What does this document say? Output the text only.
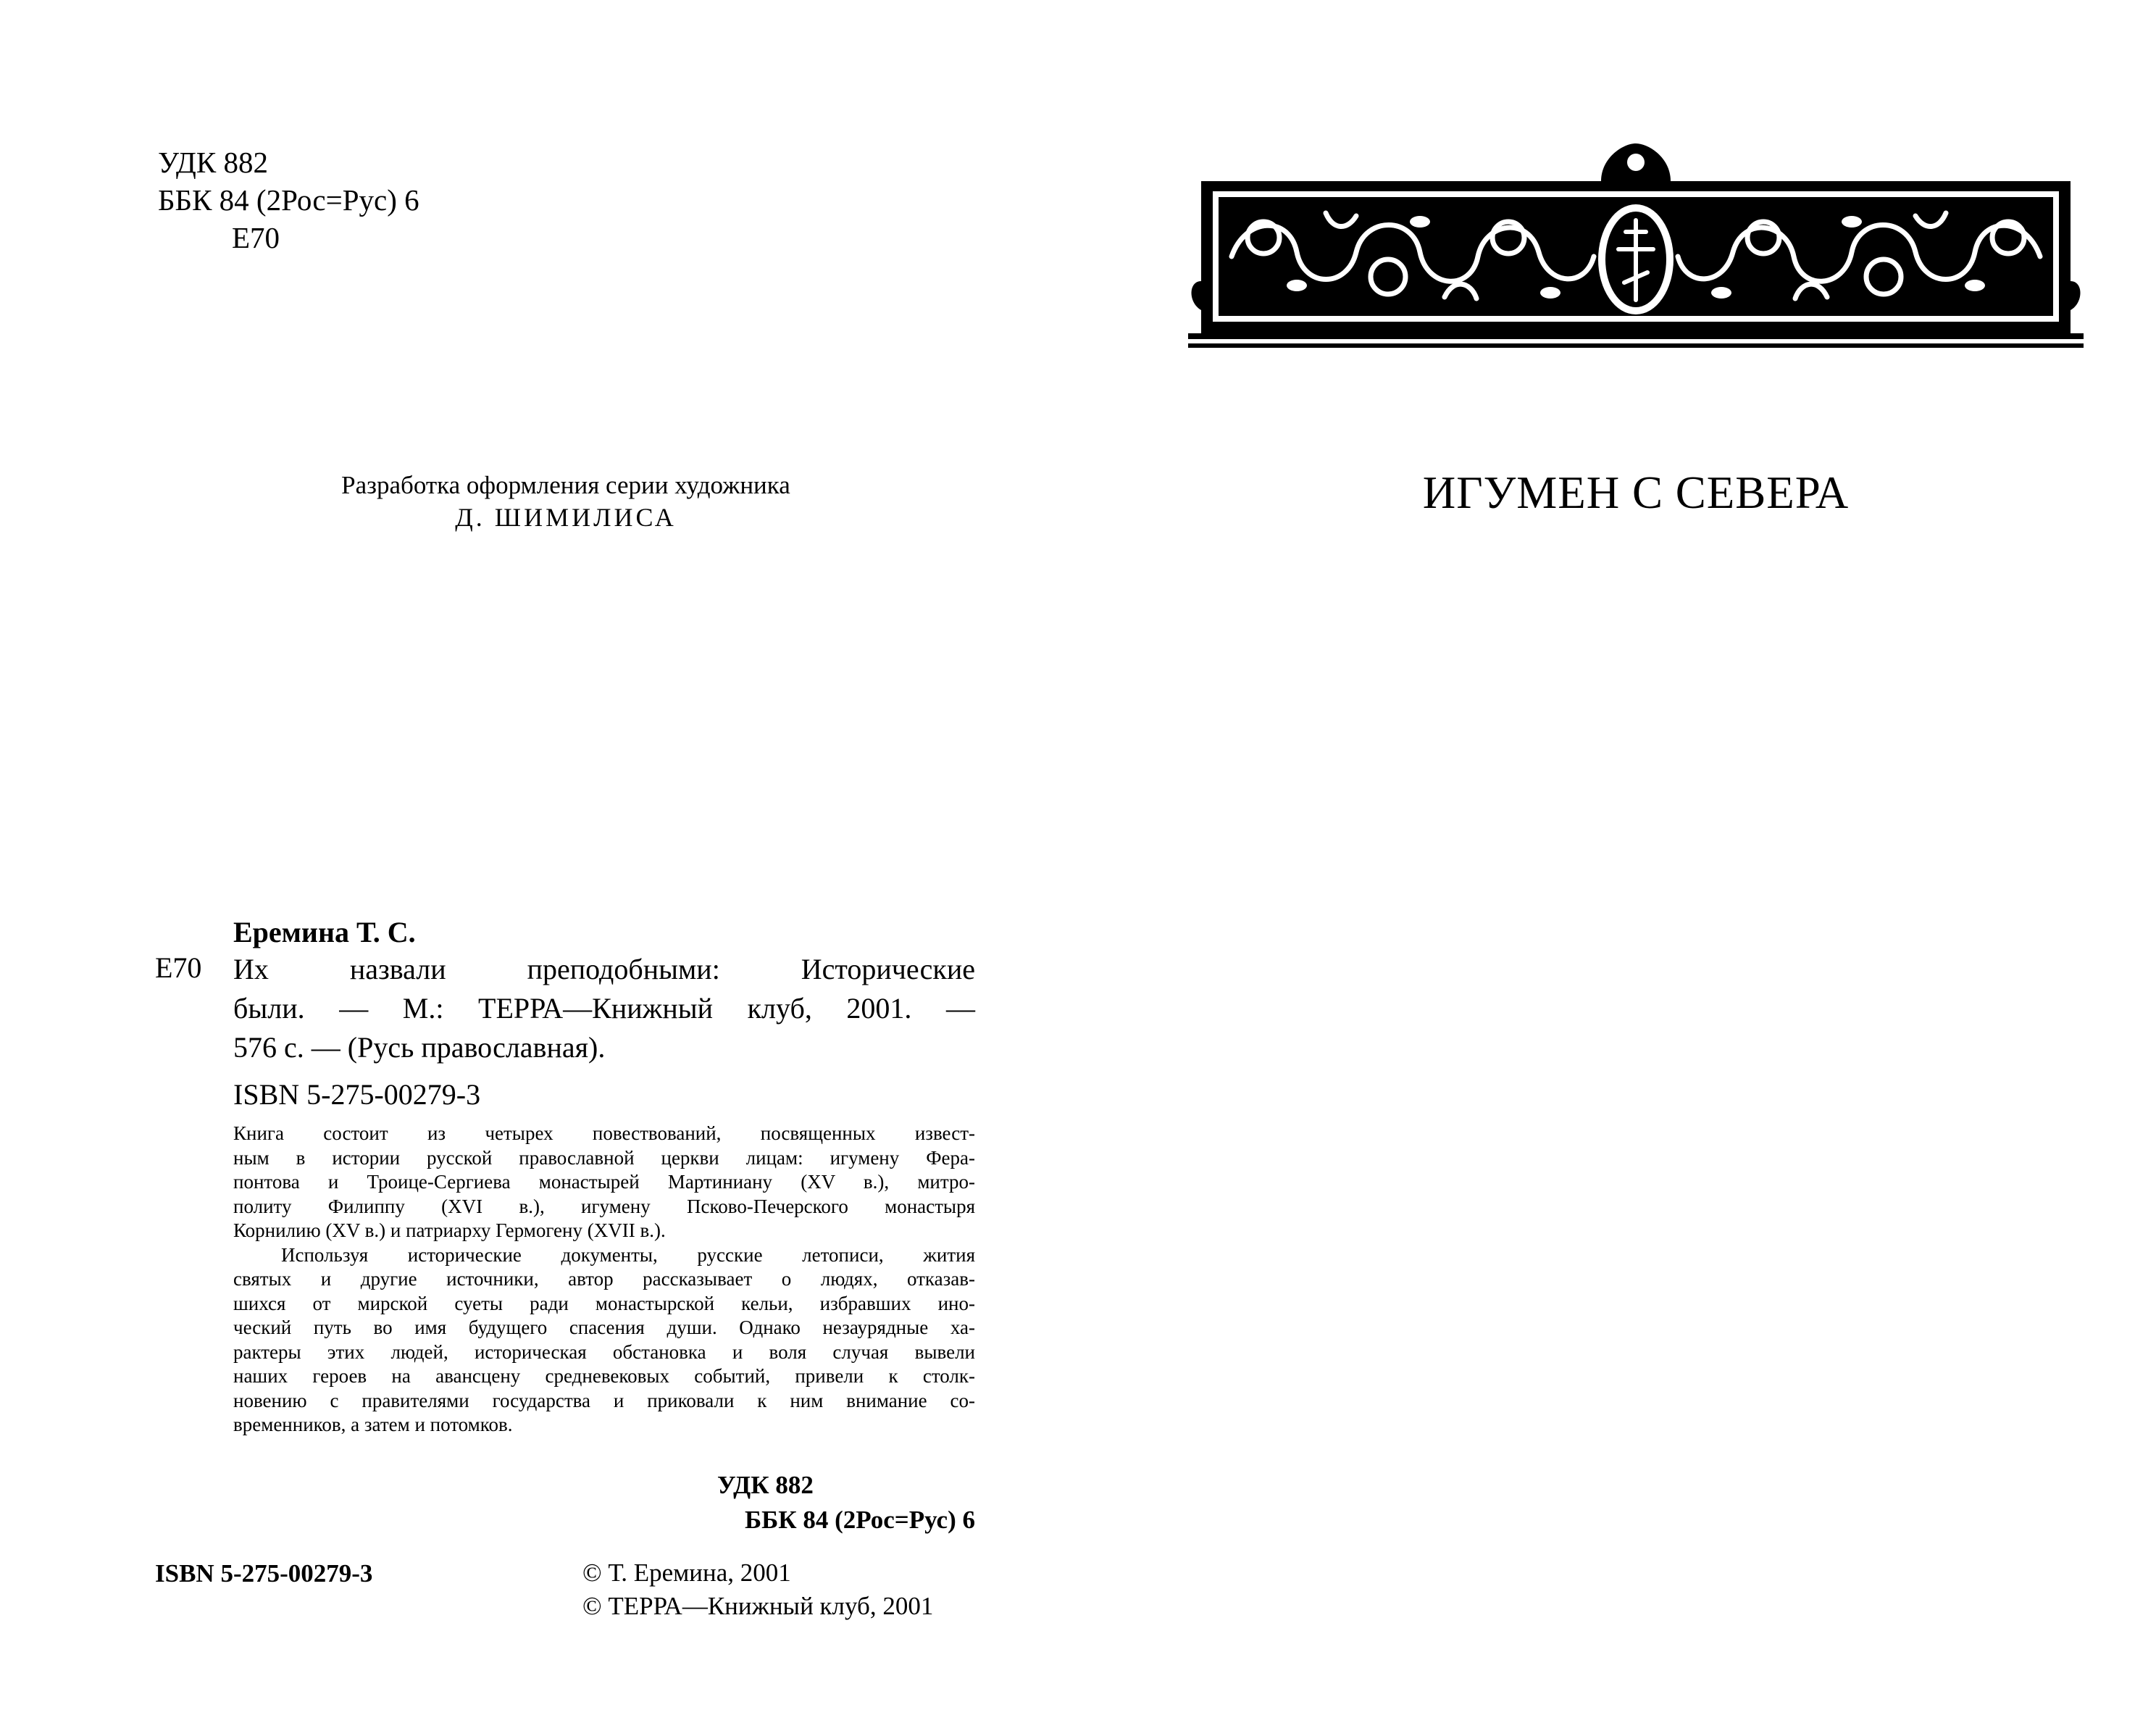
УДК 882
ББК 84 (2Рос=Рус) 6
Е70
Разработка оформления серии художника
Д. ШИМИЛИСА
Еремина Т. С.
Е70 Их назвали преподобными: Исторические
были. — М.: ТЕРРА—Книжный клуб, 2001. —
576 с. — (Русь православная).
ISBN 5-275-00279-3
Книга состоит из четырех повествований, посвященных извест-
ным в истории русской православной церкви лицам: игумену Фера-
понтова и Троице-Сергиева монастырей Мартиниану (XV в.), митро-
политу Филиппу (XVI в.), игумену Псково-Печерского монастыря
Корнилию (XV в.) и патриарху Гермогену (XVII в.).
Используя исторические документы, русские летописи, жития
святых и другие источники, автор рассказывает о людях, отказав-
шихся от мирской суеты ради монастырской кельи, избравших ино-
ческий путь во имя будущего спасения души. Однако незаурядные ха-
рактеры этих людей, историческая обстановка и воля случая вывели
наших героев на авансцену средневековых событий, привели к столк-
новению с правителями государства и приковали к ним внимание со-
временников, а затем и потомков.
УДК 882
ББК 84 (2Рос=Рус) 6
ISBN 5-275-00279-3	© Т. Еремина, 2001
© ТЕРРА—Книжный клуб, 2001
ИГУМЕН С СЕВЕРА
